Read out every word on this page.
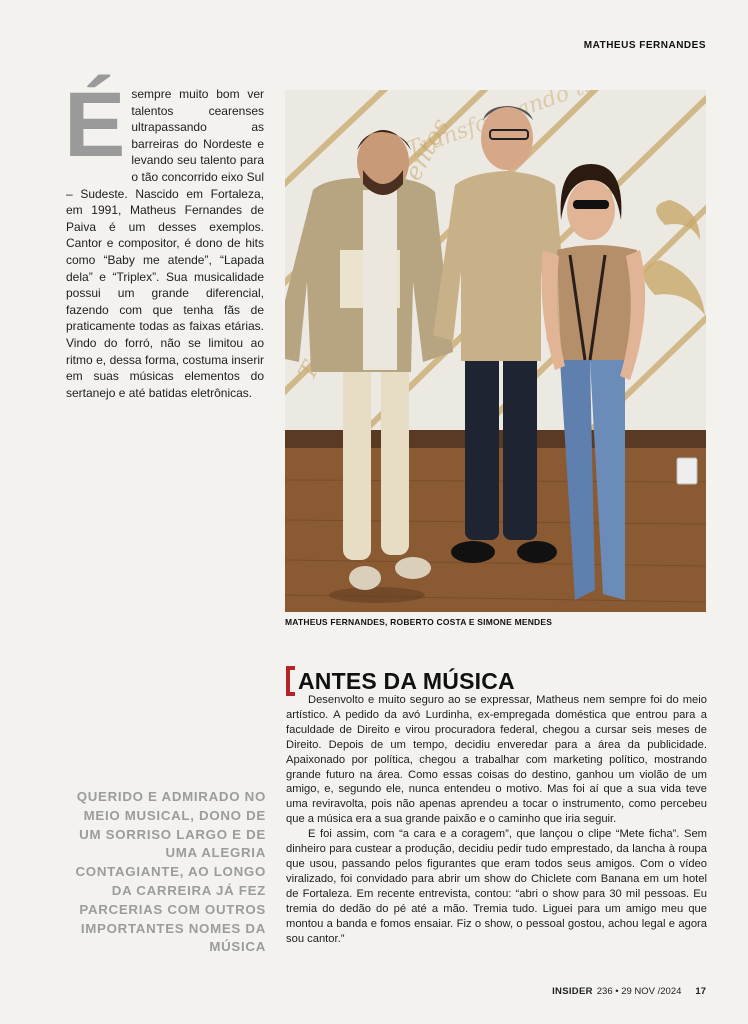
MATHEUS FERNANDES
É sempre muito bom ver talentos cearenses ultrapassando as barreiras do Nordeste e levando seu talento para o tão concorrido eixo Sul – Sudeste. Nascido em Fortaleza, em 1991, Matheus Fernandes de Paiva é um desses exemplos. Cantor e compositor, é dono de hits como “Baby me atende”, “Lapada dela” e “Triplex”. Sua musicalidade possui um grande diferencial, fazendo com que tenha fãs de praticamente todas as faixas etárias. Vindo do forró, não se limitou ao ritmo e, dessa forma, costuma inserir em suas músicas elementos do sertanejo e até batidas eletrônicas.
talentos
MATHEUS FERNANDES, ROBERTO COSTA E SIMONE MENDES
ANTES DA MÚSICA

Desenvolto e muito seguro ao se expressar, Matheus nem sempre foi do meio artístico. A pedido da avó Lurdinha, ex-empregada doméstica que entrou para a faculdade de Direito e virou procuradora federal, chegou a cursar seis meses de Direito. Depois de um tempo, decidiu enveredar para a área da publicidade. Apaixonado por política, chegou a trabalhar com marketing político, mostrando grande futuro na área. Como essas coisas do destino, ganhou um violão de um amigo, e, segundo ele, nunca entendeu o motivo. Mas foi aí que a sua vida teve uma reviravolta, pois não apenas aprendeu a tocar o instrumento, como percebeu que a música era a sua grande paixão e o caminho que iria seguir.

E foi assim, com “a cara e a coragem”, que lançou o clipe “Mete ficha”. Sem dinheiro para custear a produção, decidiu pedir tudo emprestado, da lancha à roupa que usou, passando pelos figurantes que eram todos seus amigos. Com o vídeo viralizado, foi convidado para abrir um show do Chiclete com Banana em um hotel de Fortaleza. Em recente entrevista, contou: “abri o show para 30 mil pessoas. Eu tremia do dedão do pé até a mão. Tremia tudo. Liguei para um amigo meu que montou a banda e fomos ensaiar. Fiz o show, o pessoal gostou, achou legal e agora sou cantor.”

QUERIDO E ADMIRADO NO MEIO MUSICAL, DONO DE UM SORRISO LARGO E DE UMA ALEGRIA CONTAGIANTE, AO LONGO DA CARREIRA JÁ FEZ PARCERIAS COM OUTROS IMPORTANTES NOMES DA MÚSICA
INSIDER 236 • 29 NOV /2024 17
